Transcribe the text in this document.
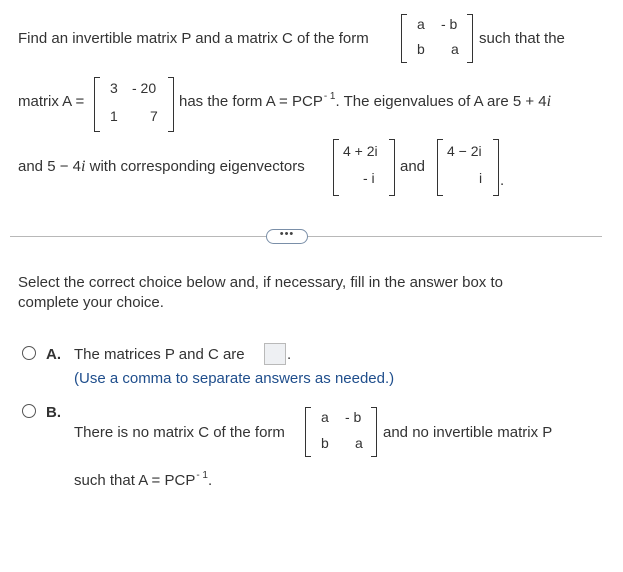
Find an invertible matrix P and a matrix C of the form
a - b
b a
such that the
matrix A =
3 - 20
1 7
has the form $A = PCP^{- 1}$. The eigenvalues of A are 5 + 4i
and 5 − 4i with corresponding eigenvectors
4 + 2i
- i
and
4 − 2i
i .
•••
Select the correct choice below and, if necessary, fill in the answer box to
complete your choice.
A. The matrices P and C are	.
(Use a comma to separate answers as needed.)
B.
There is no matrix C of the form
a - b
b a
and no invertible matrix P
such that $A = PCP^{- 1}$.
